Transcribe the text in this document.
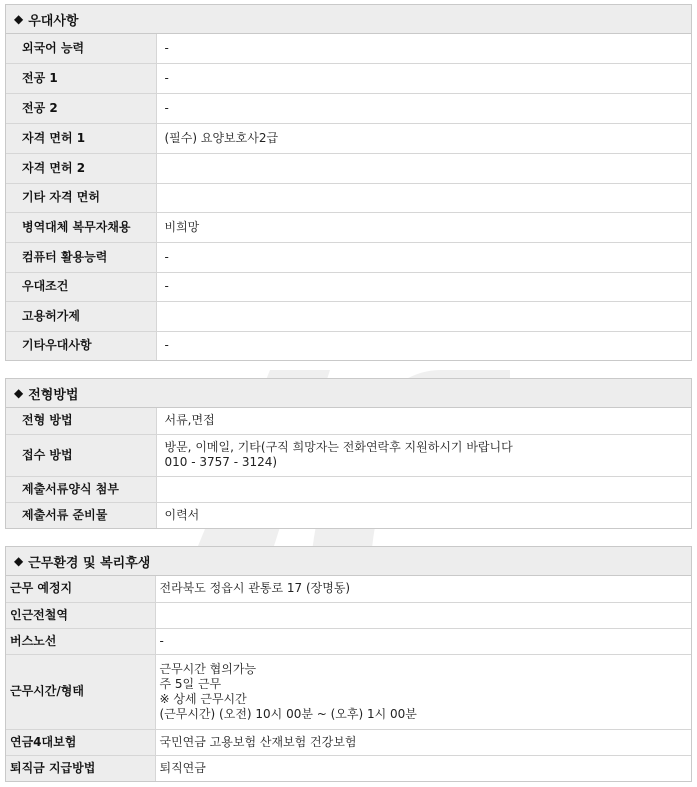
◆ 우대사항
외국어 능력	-
전공 1	-
전공 2	-
자격 면허 1	(필수) 요양보호사2급
자격 면허 2	
기타 자격 면허	
병역대체 복무자채용	비희망
컴퓨터 활용능력	-
우대조건	-
고용허가제	
기타우대사항	-
◆ 전형방법
전형 방법	서류,면접

접수 방법	방문, 이메일, 기타(구직 희망자는 전화연락후 지원하시기 바랍니다
010 - 3757 - 3124)

제출서류양식 첨부	

제출서류 준비물	이력서
◆ 근무환경 및 복리후생
근무 예정지	전라북도 정읍시 관통로 17 (장명동)

인근전철역	

버스노선	-

근무시간/형태	근무시간 협의가능
주 5일 근무
※ 상세 근무시간
(근무시간) (오전) 10시 00분 ~ (오후) 1시 00분

연금4대보험	국민연금 고용보험 산재보험 건강보험

퇴직금 지급방법	퇴직연금
